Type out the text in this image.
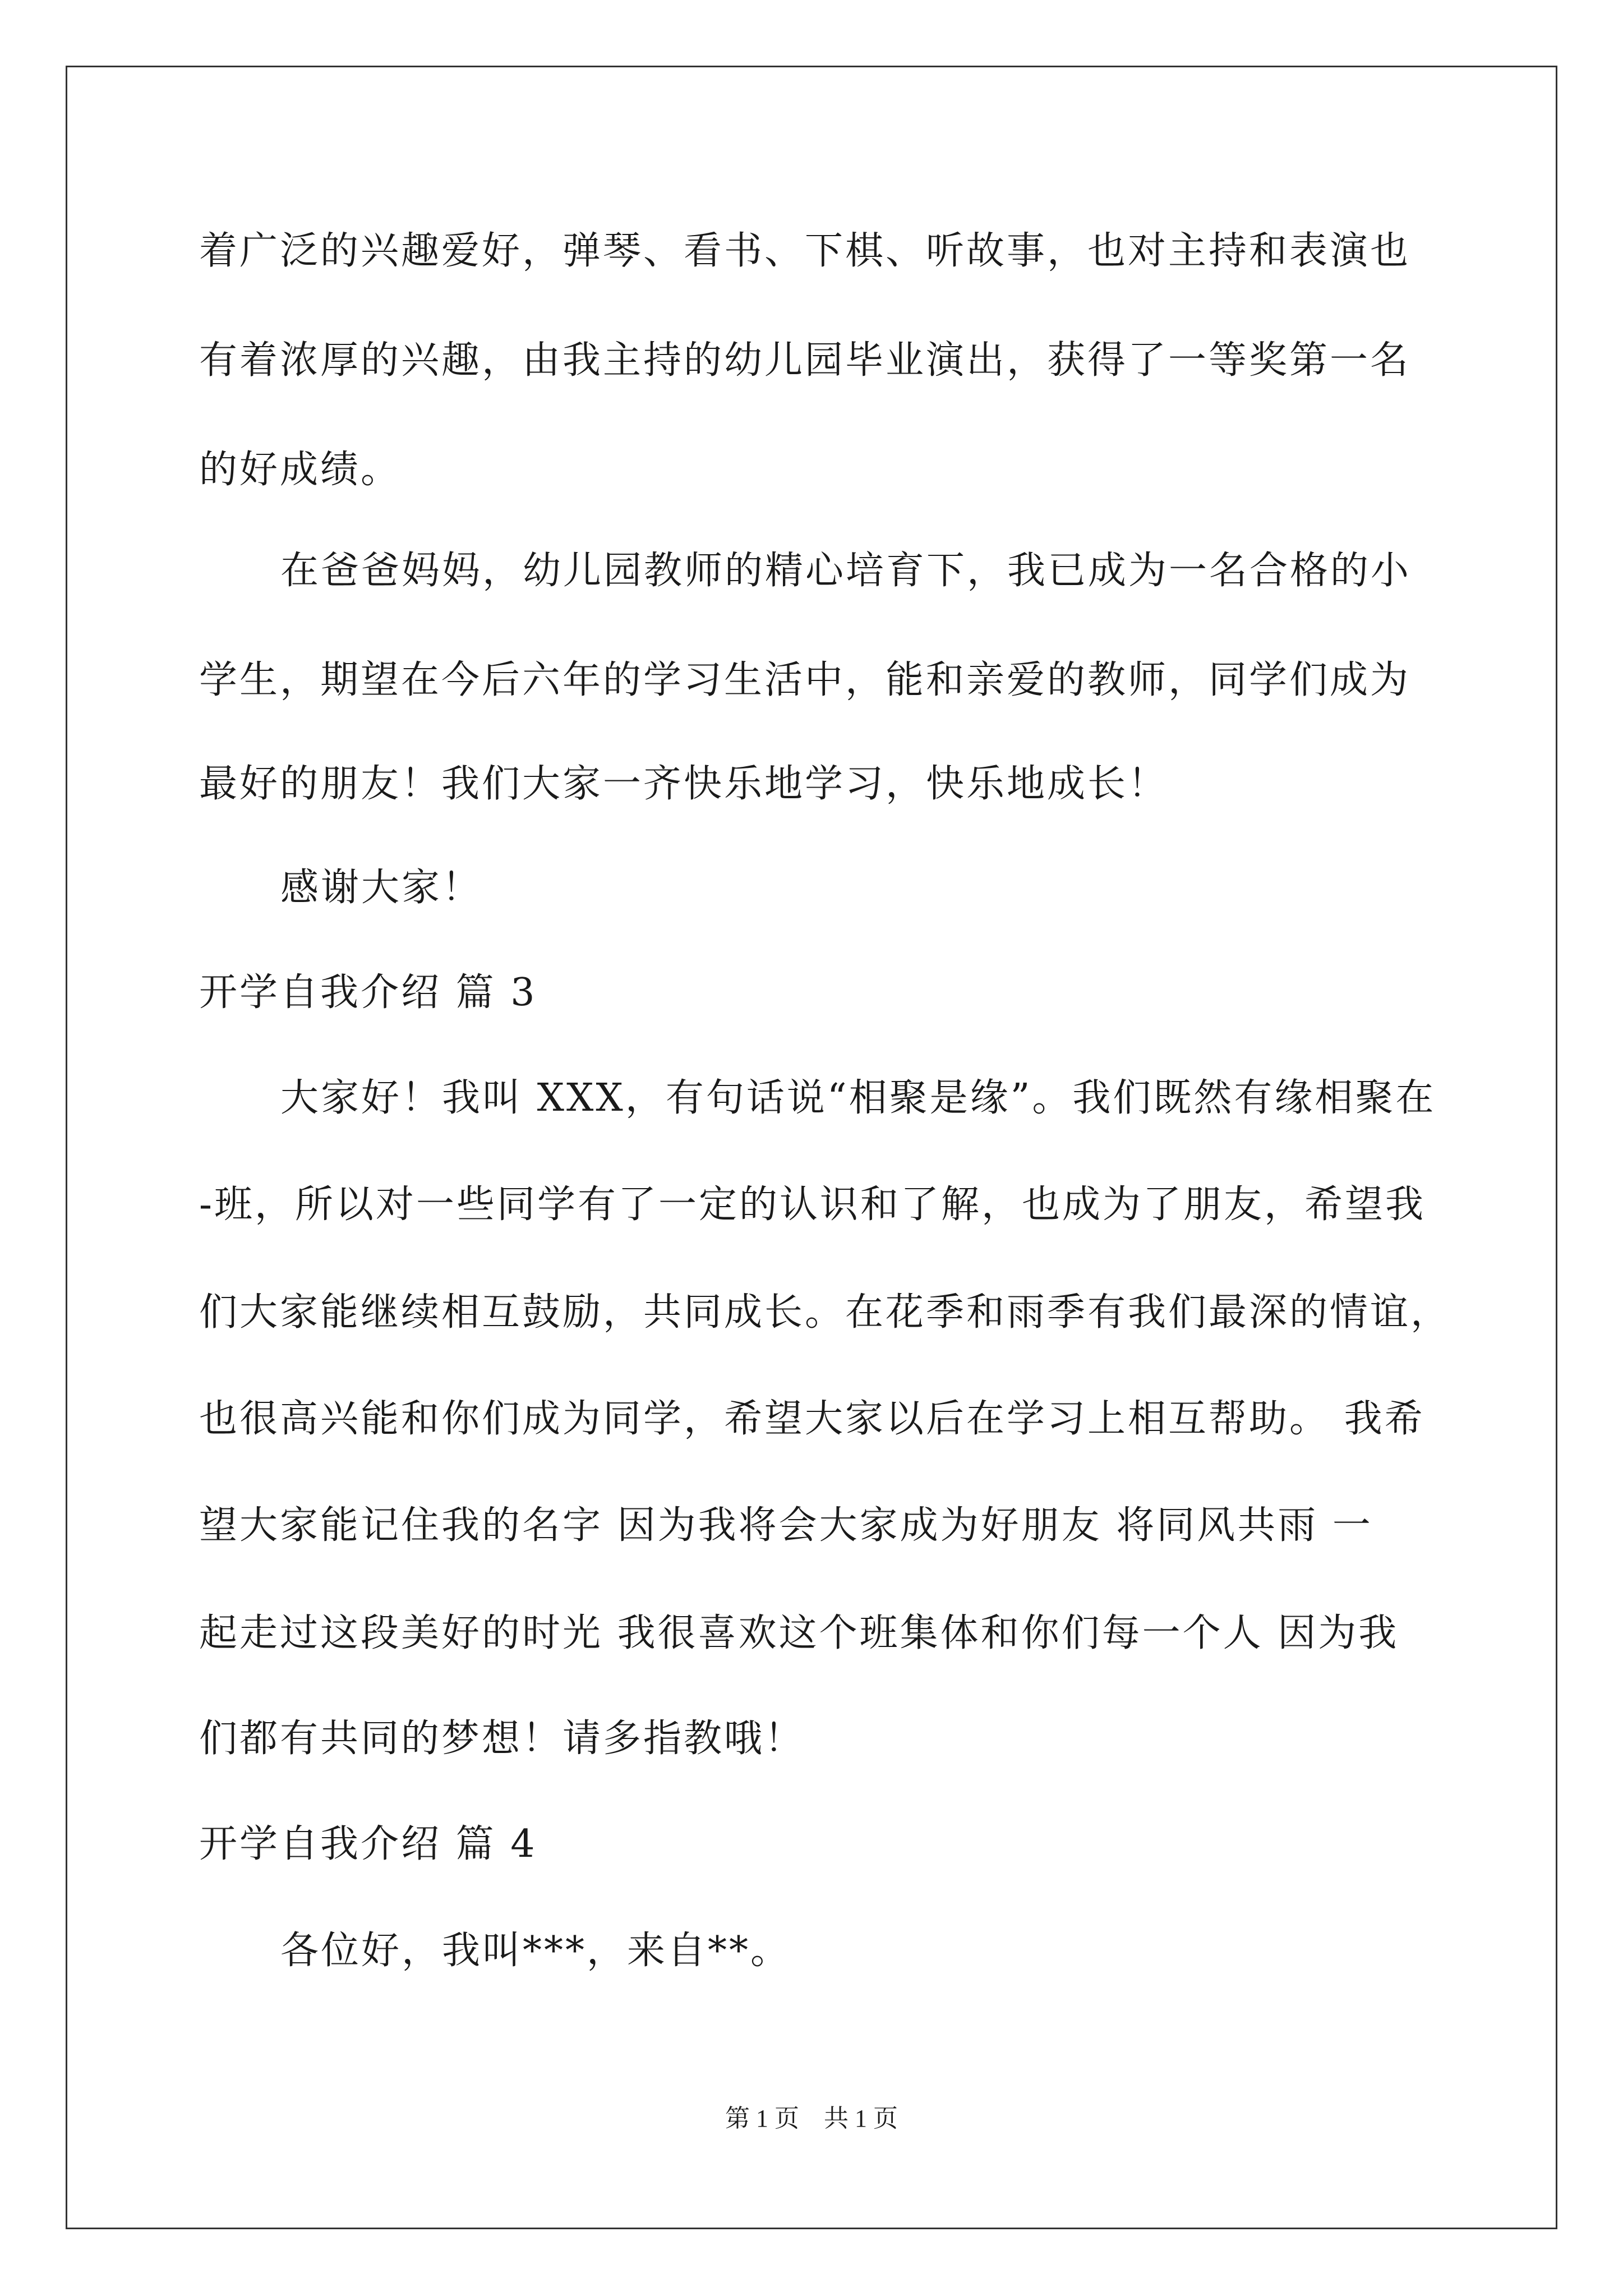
着广泛的兴趣爱好，弹琴、看书、下棋、听故事，也对主持和表演也
有着浓厚的兴趣，由我主持的幼儿园毕业演出，获得了一等奖第一名
的好成绩。
在爸爸妈妈，幼儿园教师的精心培育下，我已成为一名合格的小
学生，期望在今后六年的学习生活中，能和亲爱的教师，同学们成为
最好的朋友！我们大家一齐快乐地学习，快乐地成长！
感谢大家！
开学自我介绍 篇 3
大家好！我叫 XXX，有句话说“相聚是缘”。我们既然有缘相聚在
-班，所以对一些同学有了一定的认识和了解，也成为了朋友，希望我
们大家能继续相互鼓励，共同成长。在花季和雨季有我们最深的情谊，
也很高兴能和你们成为同学，希望大家以后在学习上相互帮助。 我希
望大家能记住我的名字 因为我将会大家成为好朋友 将同风共雨 一
起走过这段美好的时光 我很喜欢这个班集体和你们每一个人 因为我
们都有共同的梦想！请多指教哦！
开学自我介绍 篇 4
各位好，我叫***，来自**。
第 1 页　共 1 页
